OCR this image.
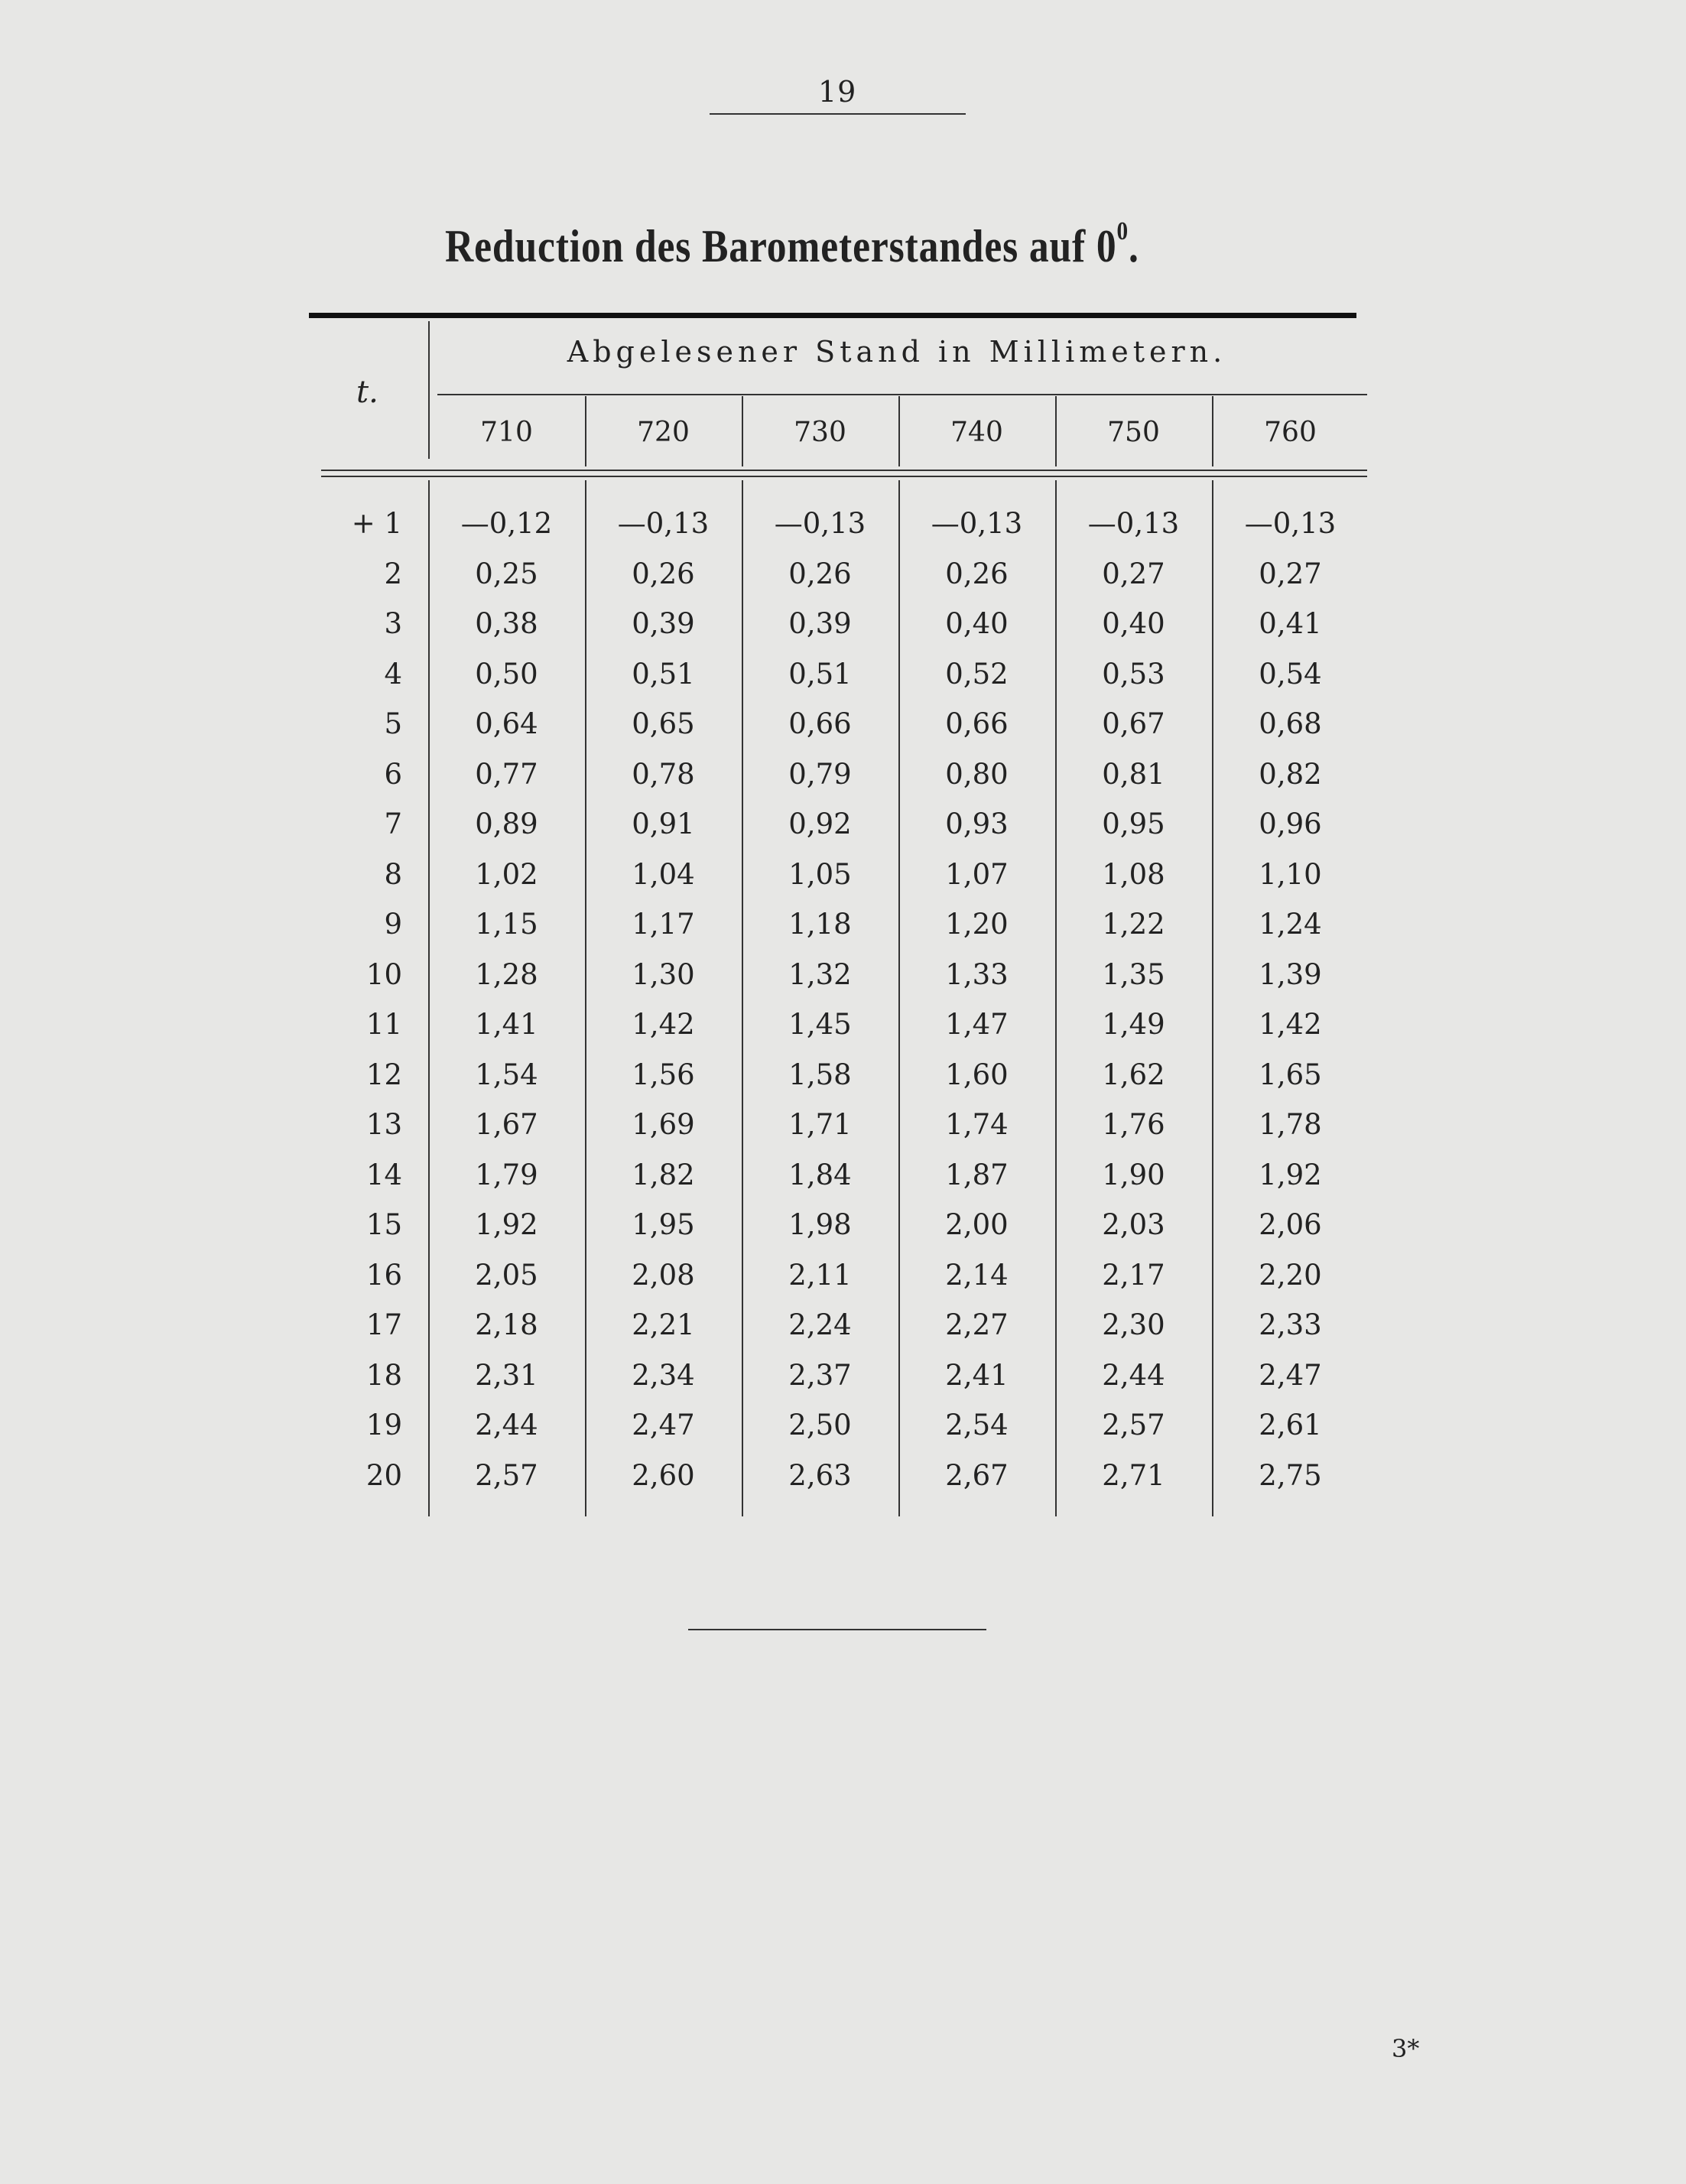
19
Reduction des Barometerstandes auf $0^0$.
t.
Abgelesener Stand in Millimetern.
710	720	730	740	750	760
+ 1	—0,12	—0,13	—0,13	—0,13	—0,13	—0,13
2	0,25	0,26	0,26	0,26	0,27	0,27
3	0,38	0,39	0,39	0,40	0,40	0,41
4	0,50	0,51	0,51	0,52	0,53	0,54
5	0,64	0,65	0,66	0,66	0,67	0,68
6	0,77	0,78	0,79	0,80	0,81	0,82
7	0,89	0,91	0,92	0,93	0,95	0,96
8	1,02	1,04	1,05	1,07	1,08	1,10
9	1,15	1,17	1,18	1,20	1,22	1,24
10	1,28	1,30	1,32	1,33	1,35	1,39
11	1,41	1,42	1,45	1,47	1,49	1,42
12	1,54	1,56	1,58	1,60	1,62	1,65
13	1,67	1,69	1,71	1,74	1,76	1,78
14	1,79	1,82	1,84	1,87	1,90	1,92
15	1,92	1,95	1,98	2,00	2,03	2,06
16	2,05	2,08	2,11	2,14	2,17	2,20
17	2,18	2,21	2,24	2,27	2,30	2,33
18	2,31	2,34	2,37	2,41	2,44	2,47
19	2,44	2,47	2,50	2,54	2,57	2,61
20	2,57	2,60	2,63	2,67	2,71	2,75
3*
